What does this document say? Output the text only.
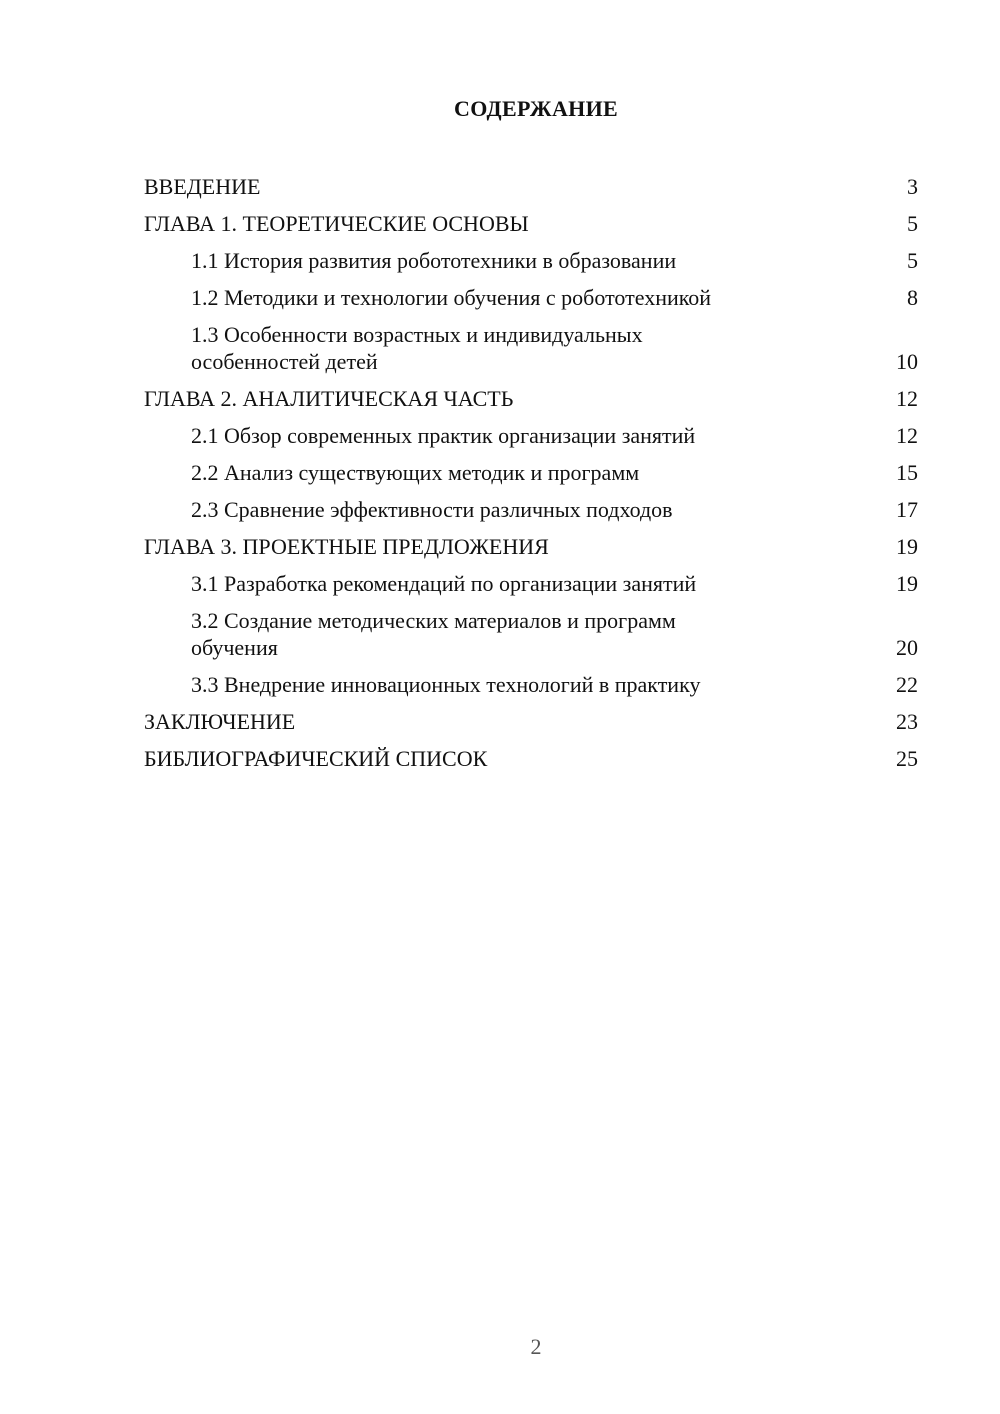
СОДЕРЖАНИЕ
ВВЕДЕНИЕ	3
ГЛАВА 1. ТЕОРЕТИЧЕСКИЕ ОСНОВЫ	5
1.1 История развития робототехники в образовании	5
1.2 Методики и технологии обучения с робототехникой	8
1.3 Особенности возрастных и индивидуальных особенностей детей	10
ГЛАВА 2. АНАЛИТИЧЕСКАЯ ЧАСТЬ	12
2.1 Обзор современных практик организации занятий	12
2.2 Анализ существующих методик и программ	15
2.3 Сравнение эффективности различных подходов	17
ГЛАВА 3. ПРОЕКТНЫЕ ПРЕДЛОЖЕНИЯ	19
3.1 Разработка рекомендаций по организации занятий	19
3.2 Создание методических материалов и программ обучения	20
3.3 Внедрение инновационных технологий в практику	22
ЗАКЛЮЧЕНИЕ	23
БИБЛИОГРАФИЧЕСКИЙ СПИСОК	25
2
